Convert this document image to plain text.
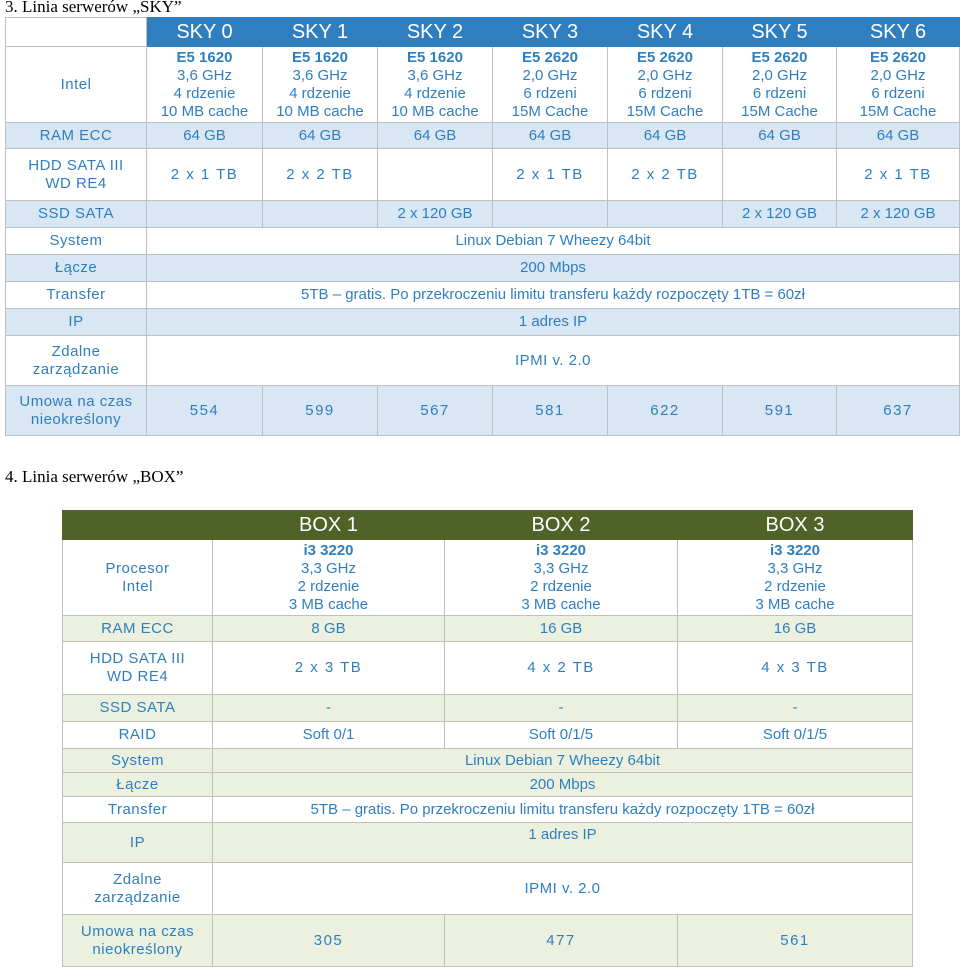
3. Linia serwerów „SKY”
	SKY 0	SKY 1	SKY 2	SKY 3	SKY 4	SKY 5	SKY 6
Intel	E5 1620
3,6 GHz
4 rdzenie
10 MB cache	E5 1620
3,6 GHz
4 rdzenie
10 MB cache	E5 1620
3,6 GHz
4 rdzenie
10 MB cache	E5 2620
2,0 GHz
6 rdzeni
15M Cache	E5 2620
2,0 GHz
6 rdzeni
15M Cache	E5 2620
2,0 GHz
6 rdzeni
15M Cache	E5 2620
2,0 GHz
6 rdzeni
15M Cache

RAM ECC	64 GB	64 GB	64 GB	64 GB	64 GB	64 GB	64 GB

HDD SATA III
WD RE4	2 x 1 TB	2 x 2 TB		2 x 1 TB	2 x 2 TB		2 x 1 TB
SSD SATA			2 x 120 GB			2 x 120 GB	2 x 120 GB
System	Linux Debian 7 Wheezy 64bit						
Łącze	200 Mbps						
Transfer	5TB – gratis. Po przekroczeniu limitu transferu każdy rozpoczęty 1TB = 60zł						
IP	1 adres IP						

Zdalne
zarządzanie	IPMI v. 2.0						

Umowa na czas
nieokreślony	554	599	567	581	622	591	637
4. Linia serwerów „BOX”
	BOX 1	BOX 2	BOX 3

Procesor
Intel	i3 3220
3,3 GHz
2 rdzenie
3 MB cache	i3 3220
3,3 GHz
2 rdzenie
3 MB cache	i3 3220
3,3 GHz
2 rdzenie
3 MB cache

RAM ECC	8 GB	16 GB	16 GB

HDD SATA III
WD RE4	2 x 3 TB	4 x 2 TB	4 x 3 TB
SSD SATA	-	-	-
RAID	Soft 0/1	Soft 0/1/5	Soft 0/1/5
System	Linux Debian 7 Wheezy 64bit		
Łącze	200 Mbps		
Transfer	5TB – gratis. Po przekroczeniu limitu transferu każdy rozpoczęty 1TB = 60zł		
IP	1 adres IP		

Zdalne
zarządzanie	IPMI v. 2.0		

Umowa na czas
nieokreślony	305	477	561
